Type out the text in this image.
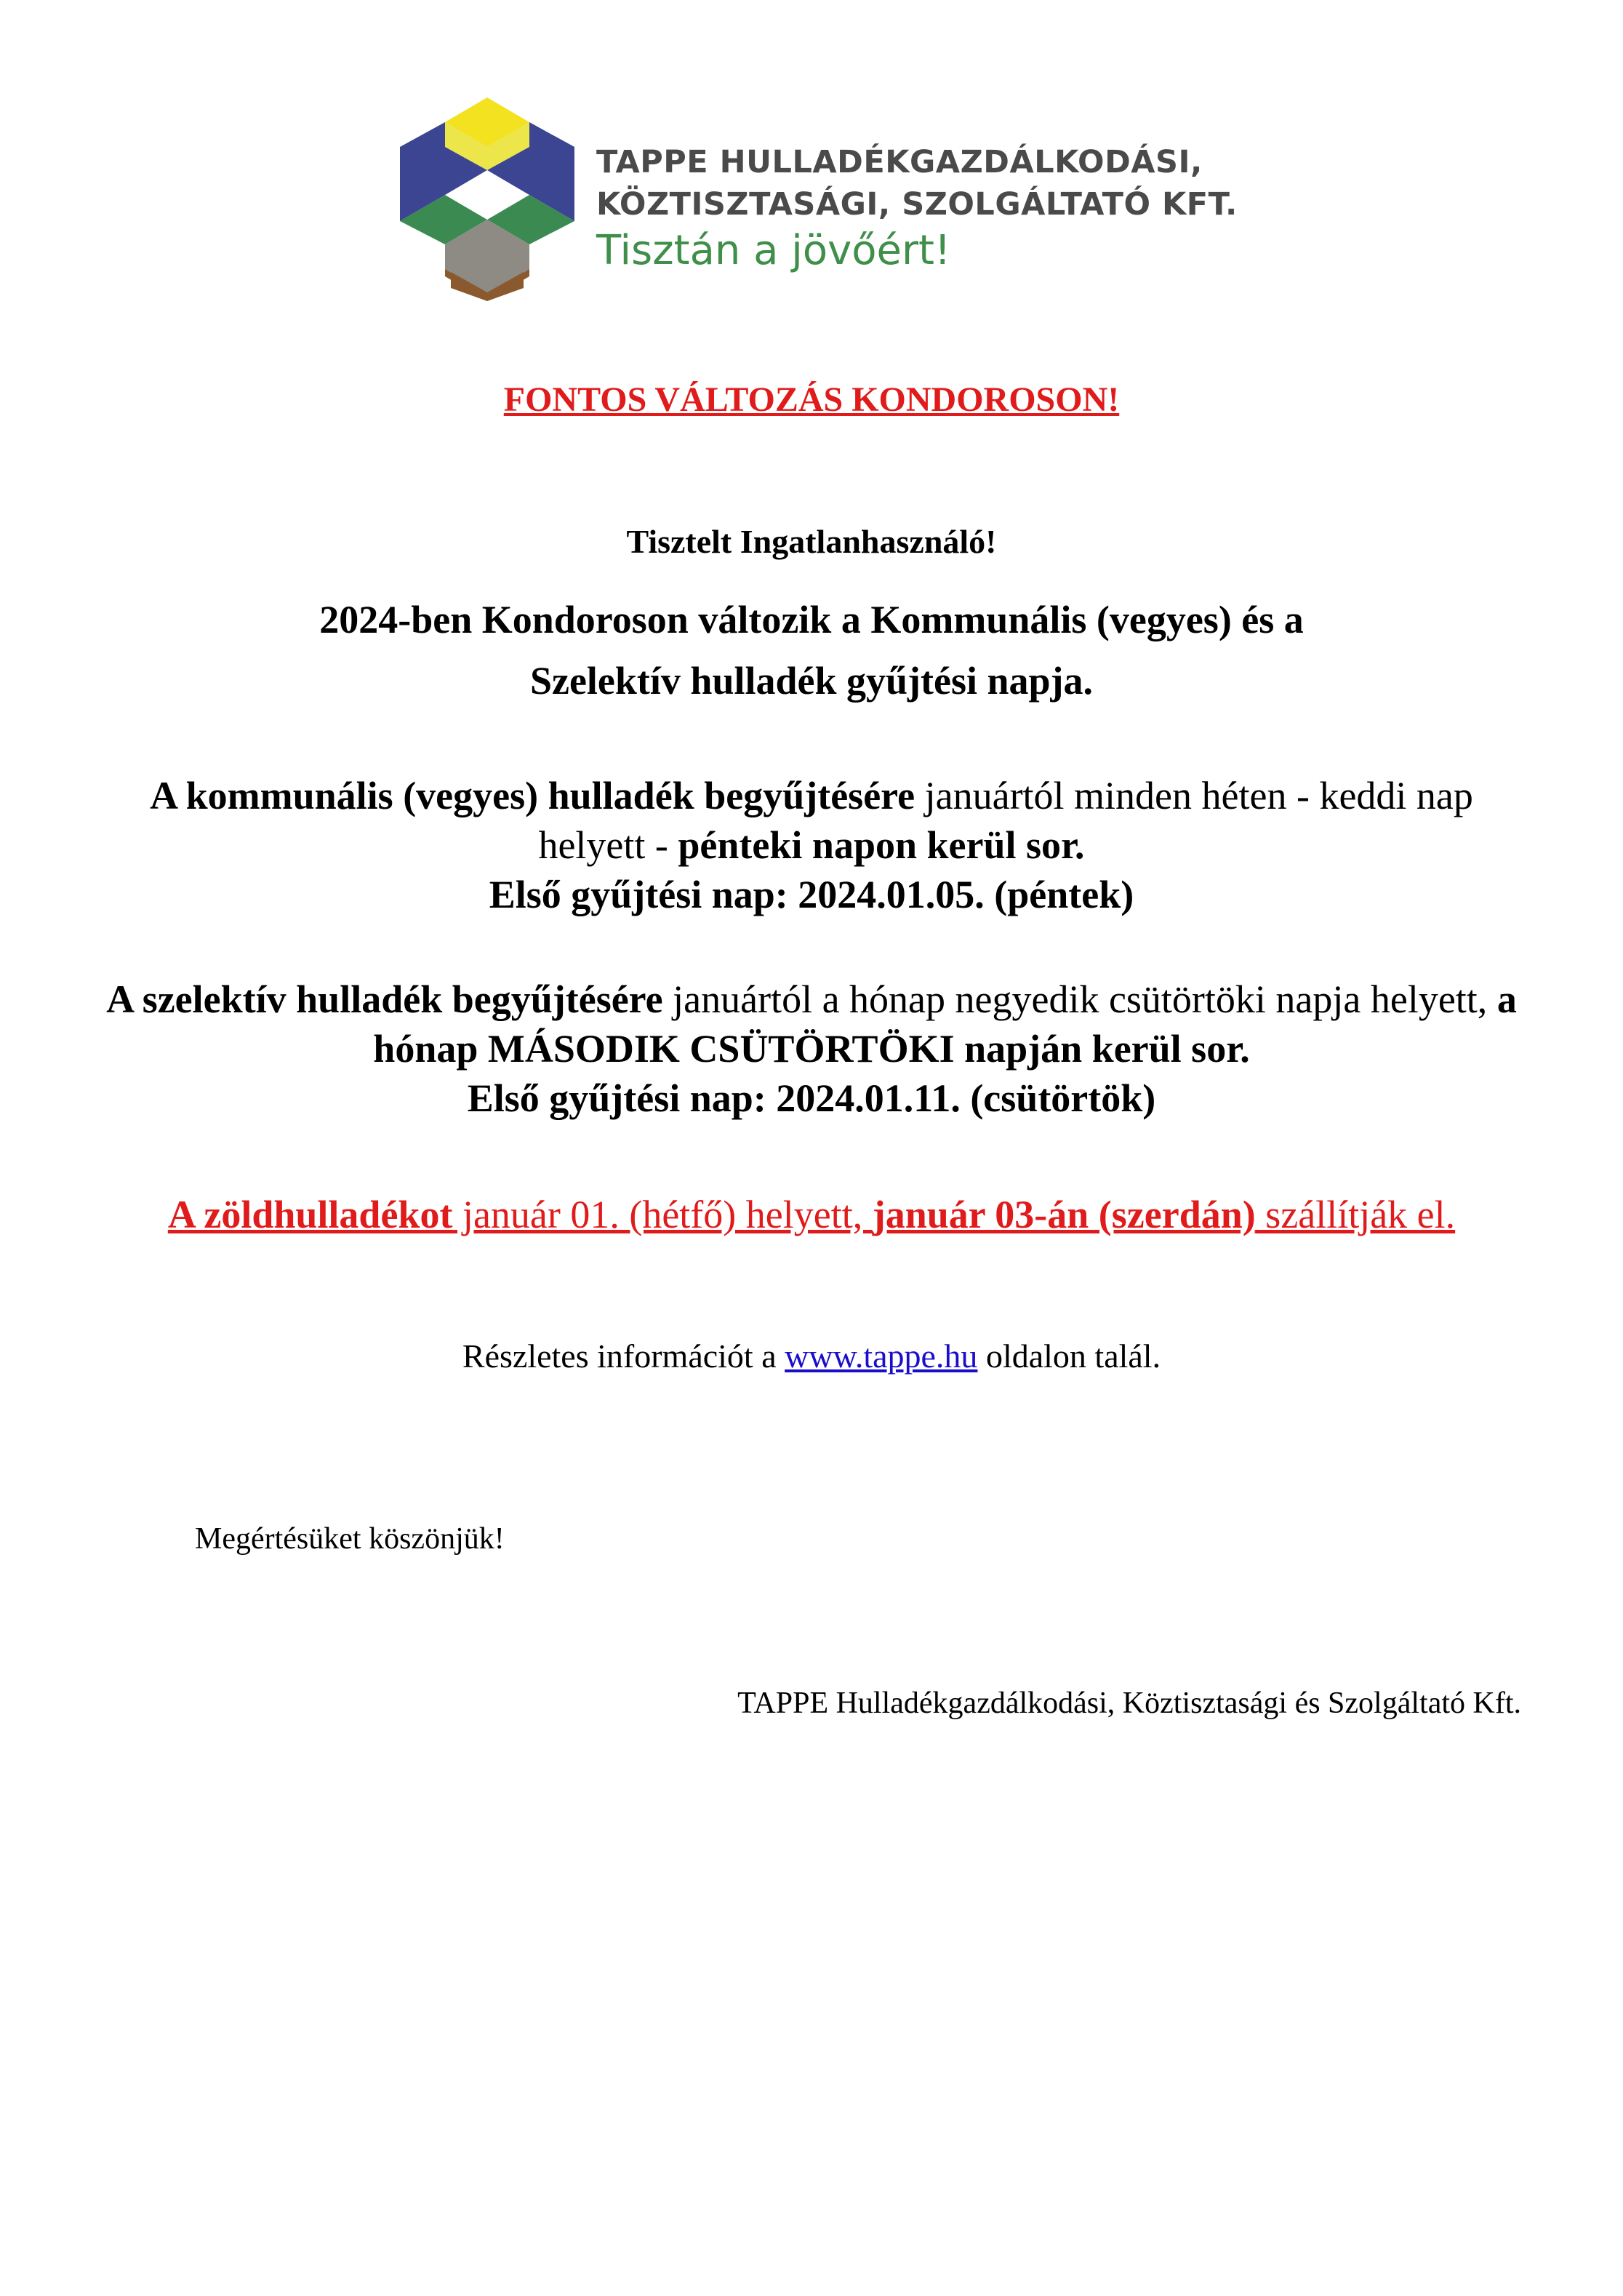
TAPPE HULLADÉKGAZDÁLKODÁSI,
KÖZTISZTASÁGI, SZOLGÁLTATÓ KFT.
Tisztán a jövőért!
FONTOS VÁLTOZÁS KONDOROSON!
Tisztelt Ingatlanhasználó!
2024-ben Kondoroson változik a Kommunális (vegyes) és a
Szelektív hulladék gyűjtési napja.
A kommunális (vegyes) hulladék begyűjtésére januártól minden héten - keddi nap helyett - pénteki napon kerül sor.
Első gyűjtési nap: 2024.01.05. (péntek)
A szelektív hulladék begyűjtésére januártól a hónap negyedik csütörtöki napja helyett, a hónap MÁSODIK CSÜTÖRTÖKI napján kerül sor.
Első gyűjtési nap: 2024.01.11. (csütörtök)
A zöldhulladékot január 01. (hétfő) helyett, január 03-án (szerdán) szállítják el.
Részletes információt a www.tappe.hu oldalon talál.
Megértésüket köszönjük!
TAPPE Hulladékgazdálkodási, Köztisztasági és Szolgáltató Kft.
